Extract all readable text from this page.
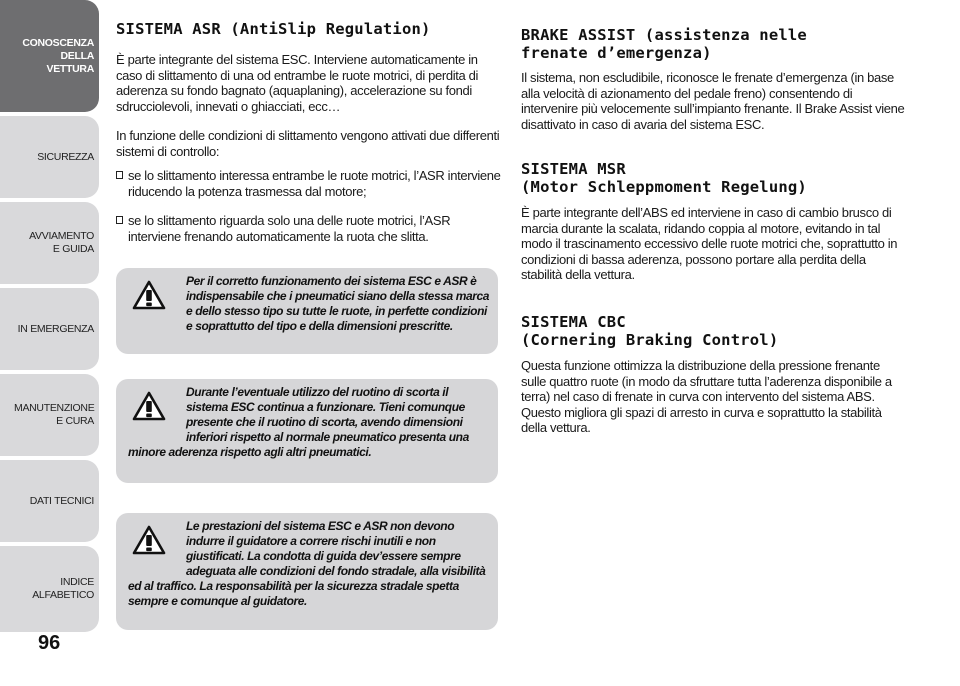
CONOSCENZA DELLA VETTURA
SICUREZZA
AVVIAMENTO E GUIDA
IN EMERGENZA
MANUTENZIONE E CURA
DATI TECNICI
INDICE ALFABETICO
96
SISTEMA ASR (AntiSlip Regulation)

È parte integrante del sistema ESC. Interviene automaticamente in caso di slittamento di una od entrambe le ruote motrici, di perdita di aderenza su fondo bagnato (aquaplaning), accelerazione su fondi sdrucciolevoli, innevati o ghiacciati, ecc…

In funzione delle condizioni di slittamento vengono attivati due differenti sistemi di controllo:

se lo slittamento interessa entrambe le ruote motrici, l’ASR interviene riducendo la potenza trasmessa dal motore;

se lo slittamento riguarda solo una delle ruote motrici, l’ASR interviene frenando automaticamente la ruota che slitta.

Per il corretto funzionamento dei sistema ESC e ASR è indispensabile che i pneumatici siano della stessa marca e dello stesso tipo su tutte le ruote, in perfette condizioni e soprattutto del tipo e della dimensioni prescritte.
Durante l’eventuale utilizzo del ruotino di scorta il sistema ESC continua a funzionare. Tieni comunque presente che il ruotino di scorta, avendo dimensioni inferiori rispetto al normale pneumatico presenta una minore aderenza rispetto agli altri pneumatici.
Le prestazioni del sistema ESC e ASR non devono indurre il guidatore a correre rischi inutili e non giustificati. La condotta di guida dev’essere sempre adeguata alle condizioni del fondo stradale, alla visibilità ed al traffico. La responsabilità per la sicurezza stradale spetta sempre e comunque al guidatore.
BRAKE ASSIST (assistenza nelle frenate d’emergenza)

Il sistema, non escludibile, riconosce le frenate d’emergenza (in base alla velocità di azionamento del pedale freno) consentendo di intervenire più velocemente sull’impianto frenante. Il Brake Assist viene disattivato in caso di avaria del sistema ESC.

SISTEMA MSR
(Motor Schleppmoment Regelung)

È parte integrante dell’ABS ed interviene in caso di cambio brusco di marcia durante la scalata, ridando coppia al motore, evitando in tal modo il trascinamento eccessivo delle ruote motrici che, soprattutto in condizioni di bassa aderenza, possono portare alla perdita della stabilità della vettura.

SISTEMA CBC
(Cornering Braking Control)

Questa funzione ottimizza la distribuzione della pressione frenante sulle quattro ruote (in modo da sfruttare tutta l’aderenza disponibile a terra) nel caso di frenate in curva con intervento del sistema ABS. Questo migliora gli spazi di arresto in curva e soprattutto la stabilità della vettura.
